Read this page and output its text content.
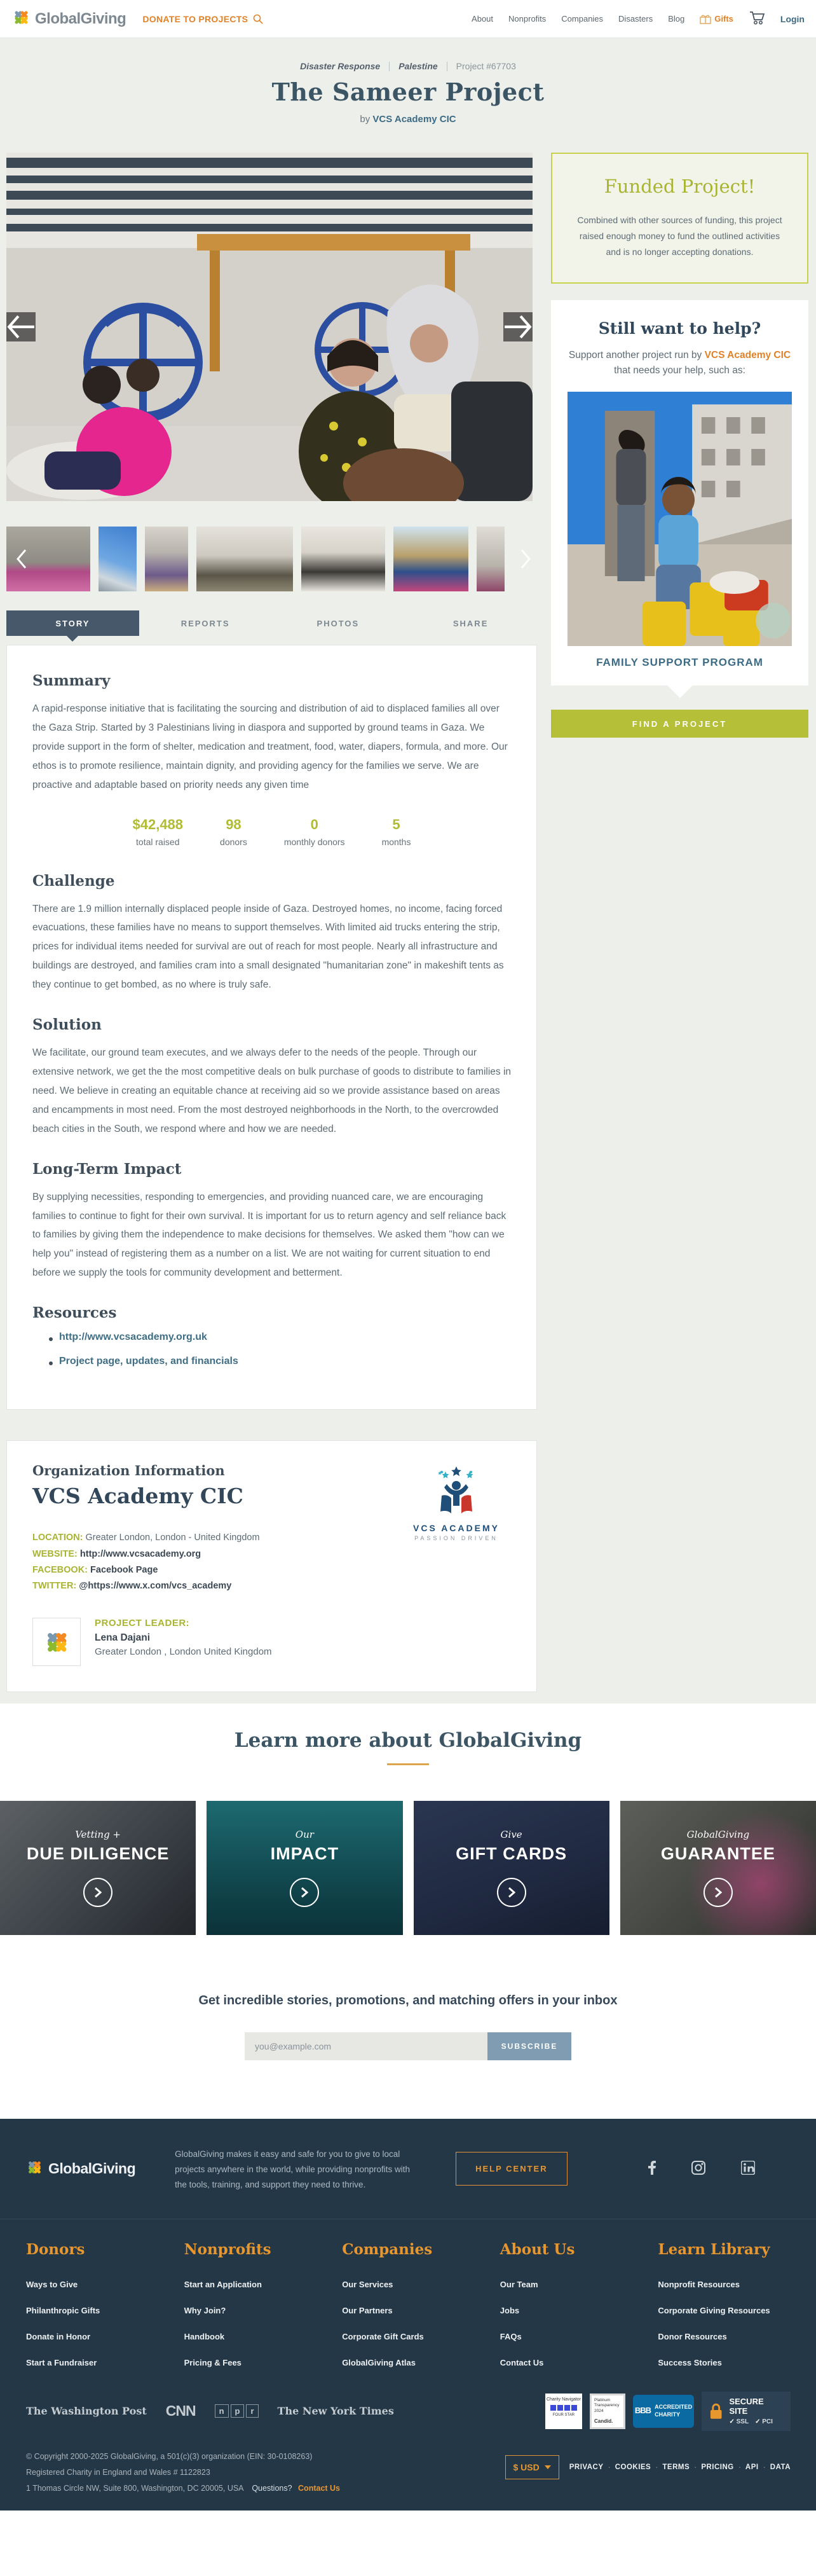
GlobalGiving DONATE TO PROJECTS	About Nonprofits Companies Disasters Blog	Gifts	Login
Disaster Response Palestine Project #67703
The Sameer Project
by VCS Academy CIC
STORY	REPORTS	PHOTOS	SHARE
Summary

A rapid-response initiative that is facilitating the sourcing and distribution of aid to displaced families all over the Gaza Strip. Started by 3 Palestinians living in diaspora and supported by ground teams in Gaza. We provide support in the form of shelter, medication and treatment, food, water, diapers, formula, and more. Our ethos is to promote resilience, maintain dignity, and providing agency for the families we serve. We are proactive and adaptable based on priority needs any given time

$42,488
total raised
98
donors
0
monthly donors
5
months
Challenge

There are 1.9 million internally displaced people inside of Gaza. Destroyed homes, no income, facing forced evacuations, these families have no means to support themselves. With limited aid trucks entering the strip, prices for individual items needed for survival are out of reach for most people. Nearly all infrastructure and buildings are destroyed, and families cram into a small designated "humanitarian zone" in makeshift tents as they continue to get bombed, as no where is truly safe.

Solution

We facilitate, our ground team executes, and we always defer to the needs of the people. Through our extensive network, we get the the most competitive deals on bulk purchase of goods to distribute to families in need. We believe in creating an equitable chance at receiving aid so we provide assistance based on areas and encampments in most need. From the most destroyed neighborhoods in the North, to the overcrowded beach cities in the South, we respond where and how we are needed.

Long-Term Impact

By supplying necessities, responding to emergencies, and providing nuanced care, we are encouraging families to continue to fight for their own survival. It is important for us to return agency and self reliance back to families by giving them the independence to make decisions for themselves. We asked them "how can we help you" instead of registering them as a number on a list. We are not waiting for current situation to end before we supply the tools for community development and betterment.

Resources
http://www.vcsacademy.org.uk
Project page, updates, and financials
Organization Information
VCS Academy CIC
VCS ACADEMY
PASSION DRIVEN
LOCATION: Greater London, London - United Kingdom
WEBSITE: http://www.vcsacademy.org
FACEBOOK: Facebook Page
TWITTER: @https://www.x.com/vcs_academy
PROJECT LEADER:
Lena Dajani
Greater London , London United Kingdom
Funded Project!

Combined with other sources of funding, this project raised enough money to fund the outlined activities and is no longer accepting donations.

Still want to help?

Support another project run by VCS Academy CIC that needs your help, such as:

FAMILY SUPPORT PROGRAM
FIND A PROJECT
Learn more about GlobalGiving
Vetting +
DUE DILIGENCE
Our
IMPACT
Give
GIFT CARDS
GlobalGiving
GUARANTEE
Get incredible stories, promotions, and matching offers in your inbox
you@example.com
SUBSCRIBE
GlobalGiving

GlobalGiving makes it easy and safe for you to give to local projects anywhere in the world, while providing nonprofits with the tools, training, and support they need to thrive.

HELP CENTER
Donors
Ways to Give
Philanthropic Gifts
Donate in Honor
Start a Fundraiser
Nonprofits
Start an Application
Why Join?
Handbook
Pricing & Fees
Companies
Our Services
Our Partners
Corporate Gift Cards
GlobalGiving Atlas
About Us
Our Team
Jobs
FAQs
Contact Us
Learn Library
Nonprofit Resources
Corporate Giving Resources
Donor Resources
Success Stories
The Washington Post CNN	n	p	r	The New York Times
Charity Navigator
FOUR STAR
Platinum Transparency
2024
Candid.
BBB ACCREDITED CHARITY
SECURE SITE
✓ SSL ✓ PCI
© Copyright 2000-2025 GlobalGiving, a 501(c)(3) organization (EIN: 30-0108263)
Registered Charity in England and Wales # 1122823
1 Thomas Circle NW, Suite 800, Washington, DC 20005, USA Questions? Contact Us
$ USD	PRIVACY · COOKIES · TERMS · PRICING · API · DATA
